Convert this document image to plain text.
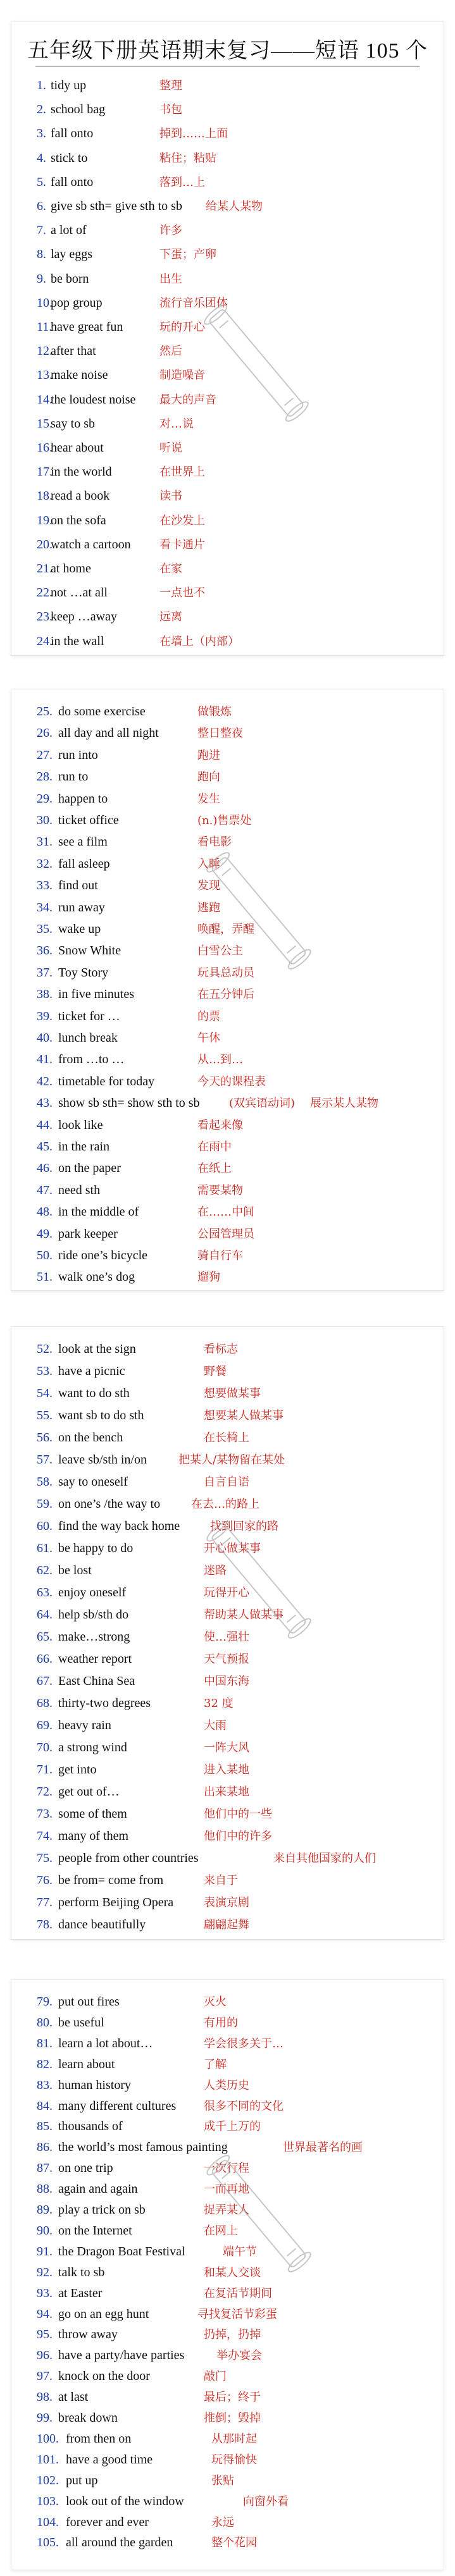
五年级下册英语期末复习——短语 105 个
1. tidy up	整理
2. school bag	书包
3. fall onto	掉到……上面
4. stick to	粘住；粘贴
5. fall onto	落到…上
6. give sb sth= give sth to sb 给某人某物
7. a lot of	许多
8. lay eggs	下蛋；产卵
9. be born	出生
10.pop group	流行音乐团体
11.have great fun	玩的开心
12.after that	然后
13.make noise	制造噪音
14.the loudest noise 最大的声音
15.say to sb	对…说
16.hear about	听说
17.in the world	在世界上
18.read a book	读书
19.on the sofa	在沙发上
20.watch a cartoon	看卡通片
21.at home	在家
22.not …at all	一点也不
23.keep …away	远离
24.in the wall	在墙上（内部）
25. do some exercise	做锻炼
26. all day and all night	整日整夜
27. run into	跑进
28. run to	跑向
29. happen to	发生
30. ticket office	(n.)售票处
31. see a film	看电影
32. fall asleep	入睡
33. find out	发现
34. run away	逃跑
35. wake up	唤醒，弄醒
36. Snow White	白雪公主
37. Toy Story	玩具总动员
38. in five minutes	在五分钟后
39. ticket for …	的票
40. lunch break	午休
41. from …to …	从…到…
42. timetable for today	今天的课程表
43. show sb sth= show sth to sb	(双宾语动词) 展示某人某物
44. look like	看起来像
45. in the rain	在雨中
46. on the paper	在纸上
47. need sth	需要某物
48. in the middle of	在……中间
49. park keeper	公园管理员
50. ride one’s bicycle	骑自行车
51. walk one’s dog	遛狗
52. look at the sign	看标志
53. have a picnic	野餐
54. want to do sth	想要做某事
55. want sb to do sth	想要某人做某事
56. on the bench	在长椅上
57. leave sb/sth in/on	把某人/某物留在某处
58. say to oneself	自言自语
59. on one’s /the way to	在去…的路上
60. find the way back home	找到回家的路
61. be happy to do	开心做某事
62. be lost	迷路
63. enjoy oneself	玩得开心
64. help sb/sth do	帮助某人做某事
65. make…strong	使…强壮
66. weather report	天气预报
67. East China Sea	中国东海
68. thirty-two degrees	32 度
69. heavy rain	大雨
70. a strong wind	一阵大风
71. get into	进入某地
72. get out of…	出来某地
73. some of them	他们中的一些
74. many of them	他们中的许多
75. people from other countries	来自其他国家的人们
76. be from= come from	来自于
77. perform Beijing Opera	表演京剧
78. dance beautifully	翩翩起舞
79. put out fires	灭火
80. be useful	有用的
81. learn a lot about…	学会很多关于…
82. learn about	了解
83. human history	人类历史
84. many different cultures 很多不同的文化
85. thousands of	成千上万的
86. the world’s most famous painting	世界最著名的画
87. on one trip	一次行程
88. again and again	一而再地
89. play a trick on sb	捉弄某人
90. on the Internet	在网上
91. the Dragon Boat Festival	端午节
92. talk to sb	和某人交谈
93. at Easter	在复活节期间
94. go on an egg hunt	寻找复活节彩蛋
95. throw away	扔掉，扔掉
96. have a party/have parties	举办宴会
97. knock on the door	敲门
98. at last	最后；终于
99. break down	推倒；毁掉
100. from then on	从那时起
101. have a good time	玩得愉快
102. put up	张贴
103. look out of the window	向窗外看
104. forever and ever	永远
105. all around the garden	整个花园
